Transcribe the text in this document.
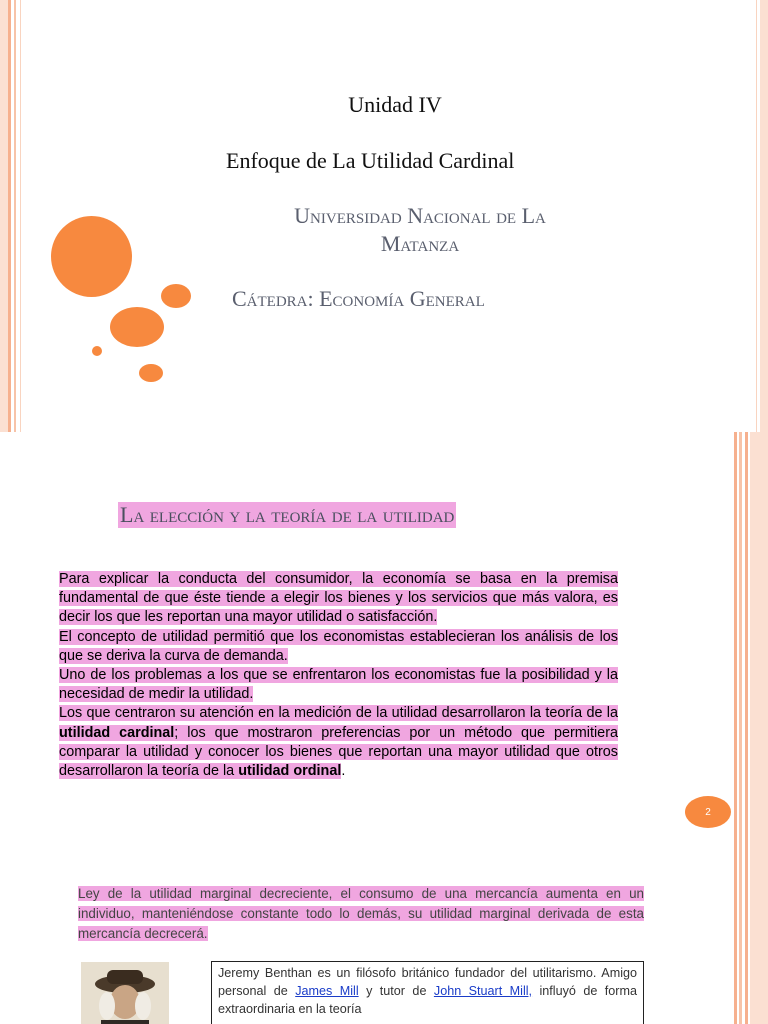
Unidad IV
Enfoque de La Utilidad Cardinal
Universidad Nacional de La
Matanza
Cátedra: Economía General
La elección y la teoría de la utilidad

Para explicar la conducta del consumidor, la economía se basa en la premisa fundamental de que éste tiende a elegir los bienes y los servicios que más valora, es decir los que les reportan una mayor utilidad o satisfacción.

El concepto de utilidad permitió que los economistas establecieran los análisis de los que se deriva la curva de demanda.

Uno de los problemas a los que se enfrentaron los economistas fue la posibilidad y la necesidad de medir la utilidad.

Los que centraron su atención en la medición de la utilidad desarrollaron la teoría de la utilidad cardinal; los que mostraron preferencias por un método que permitiera comparar la utilidad y conocer los bienes que reportan una mayor utilidad que otros desarrollaron la teoría de la utilidad ordinal.

2
Ley de la utilidad marginal decreciente, el consumo de una mercancía aumenta en un individuo, manteniéndose constante todo lo demás, su utilidad marginal derivada de esta mercancía decrecerá.
Jeremy Benthan es un filósofo británico fundador del utilitarismo. Amigo personal de James Mill y tutor de John Stuart Mill, influyó de forma extraordinaria en la teoría
